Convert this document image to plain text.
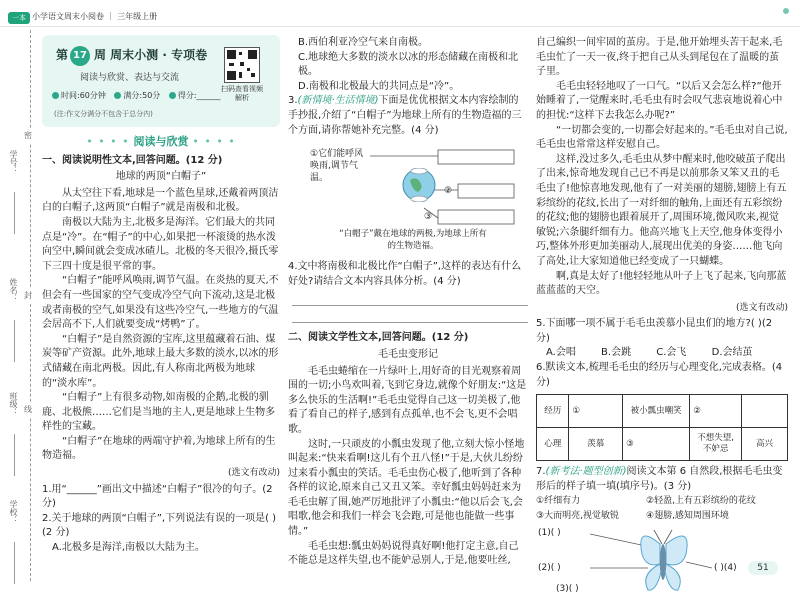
一本 小学语文周末小阅卷 ｜ 三年级上册
学号：
姓名：
班级：
学校：
密
封
线
第 17 周 周末小测 · 专项卷
阅读与欣赏、表达与交流
时间:60分钟 满分:50分 得分:______
(注:作文分满分不包含于总分内)
扫码查看视频解析
• • • • 阅读与欣赏 • • • •
一、阅读说明性文本,回答问题。(12 分)
地球的两顶“白帽子”

从太空往下看,地球是一个蓝色星球,还戴着两顶洁白的白帽子,这两顶“白帽子”就是南极和北极。

南极以大陆为主,北极多是海洋。它们最大的共同点是“冷”。在“帽子”的中心,如果把一杯滚烫的热水泼向空中,瞬间就会变成冰碴儿。北极的冬天很冷,摄氏零下三四十度是很平常的事。

“白帽子”能呼风唤雨,调节气温。在炎热的夏天,不但会有一些国家的空气变成冷空气向下流动,这是北极或者南极的空气,如果没有这些冷空气,一些地方的气温会居高不下,人们就要变成“烤鸭”了。

“白帽子”是自然资源的宝库,这里蕴藏着石油、煤炭等矿产资源。此外,地球上最大多数的淡水,以冰的形式储藏在南北两极。因此,有人称南北两极为地球的“淡水库”。

“白帽子”上有很多动物,如南极的企鹅,北极的驯鹿、北极熊……它们是当地的主人,更是地球上生物多样性的宝藏。

“白帽子”在地球的两端守护着,为地球上所有的生物造福。

(选文有改动)
1.用“______”画出文中描述“白帽子”很冷的句子。(2 分)
2.关于地球的两顶“白帽子”,下列说法有误的一项是( )(2 分)
A.北极多是海洋,南极以大陆为主。
B.西伯利亚冷空气来自南极。
C.地球绝大多数的淡水以冰的形态储藏在南极和北极。
D.南极和北极最大的共同点是“冷”。
3.(新情境·生活情境)下面是优优根据文本内容绘制的手抄报,介绍了“白帽子”为地球上所有的生物造福的三个方面,请你帮她补充完整。(4 分)
①它们能呼风唤雨,调节气温。
②
③
“白帽子”戴在地球的两极,为地球上所有的生物造福。
4.文中将南极和北极比作“白帽子”,这样的表达有什么好处?请结合文本内容具体分析。(4 分)
二、阅读文学性文本,回答问题。(12 分)
毛毛虫变形记

毛毛虫蜷缩在一片绿叶上,用好奇的目光观察着周围的一切;小鸟欢叫着,飞到它身边,就像个好朋友:“这是多么快乐的生活啊!”毛毛虫觉得自己这一切美极了,他看了看自己的样子,感到有点孤单,也不会飞,更不会唱歌。

这时,一只顽皮的小瓢虫发现了他,立刻大惊小怪地叫起来:“快来看啊!这儿有个丑八怪!”于是,大伙儿纷纷过来看小瓢虫的笑话。毛毛虫伤心极了,他听到了各种各样的议论,原来自己又丑又笨。幸好瓢虫妈妈赶来为毛毛虫解了围,她严厉地批评了小瓢虫:“他以后会飞,会唱歌,他会和我们一样会飞会跑,可是他也能做一些事情。”

毛毛虫想:瓢虫妈妈说得真好啊!他打定主意,自己不能总是这样失望,也不能妒忌别人,于是,他要吐丝,

自己编织一间牢固的茧房。于是,他开始埋头苦干起来,毛毛虫忙了一天一夜,终于把自己从头到尾包在了温暖的茧子里。

毛毛虫轻轻地叹了一口气。“以后又会怎么样?”他开始睡着了,一觉醒来时,毛毛虫有时会叹气悲哀地说着心中的担忧:“这样下去我怎么办呢?”

“一切都会变的,一切都会好起来的。”毛毛虫对自己说,毛毛虫也常常这样安慰自己。

这样,没过多久,毛毛虫从梦中醒来时,他咬破茧子爬出了出来,惊奇地发现自己已不再是以前那条又笨又丑的毛毛虫了!他惊喜地发现,他有了一对美丽的翅膀,翅膀上有五彩缤纷的花纹,长出了一对纤细的触角,上面还有五彩缤纷的花纹;他的翅膀也跟着展开了,周围环境,微风吹来,视觉敏锐;六条腿纤细有力。他高兴地飞上天空,他身体变得小巧,整体外形更加美丽动人,展现出优美的身姿……他飞向了高处,让大家知道他已经变成了一只蝴蝶。

啊,真是太好了!他轻轻地从叶子上飞了起来,飞向那蓝蓝蓝蓝的天空。

(选文有改动)
5.下面哪一项不属于毛毛虫羡慕小昆虫们的地方?( )(2 分)
A.会唱	B.会跳	C.会飞	D.会结茧
6.默读文本,梳理毛毛虫的经历与心理变化,完成表格。(4 分)
经历	①	被小瓢虫嘲笑	②	
心理	羡慕	③	不想失望,不妒忌	高兴
7.(新考法·题型创新)阅读文本第 6 自然段,根据毛毛虫变形后的样子填一填(填序号)。(3 分)
①纤细有力	②轻盈,上有五彩缤纷的花纹
③大而明亮,视觉敏锐	④翅膀,感知周围环境
(1)( )
(2)( )
(3)( )
( )(4)	51
